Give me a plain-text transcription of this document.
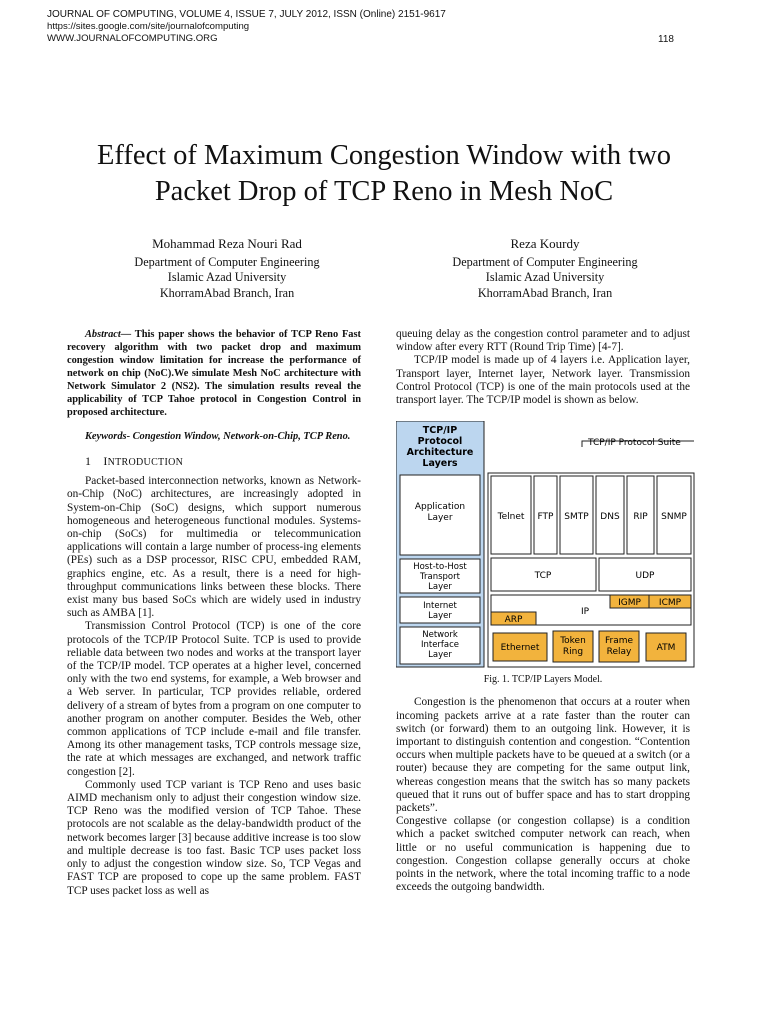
JOURNAL OF COMPUTING, VOLUME 4, ISSUE 7, JULY 2012, ISSN (Online) 2151-9617
https://sites.google.com/site/journalofcomputing
WWW.JOURNALOFCOMPUTING.ORG	118
Effect of Maximum Congestion Window with two
Packet Drop of TCP Reno in Mesh NoC
Mohammad Reza Nouri Rad
Department of Computer Engineering
Islamic Azad University
KhorramAbad Branch, Iran
Reza Kourdy
Department of Computer Engineering
Islamic Azad University
KhorramAbad Branch, Iran

Abstract— This paper shows the behavior of TCP Reno Fast recovery algorithm with two packet drop and maximum congestion window limitation for increase the performance of network on chip (NoC).We simulate Mesh NoC architecture with Network Simulator 2 (NS2). The simulation results reveal the applicability of TCP Tahoe protocol in Congestion Control in proposed architecture.

Keywords- Congestion Window, Network-on-Chip, TCP Reno.

1 INTRODUCTION

Packet-based interconnection networks, known as Network-on-Chip (NoC) architectures, are increasingly adopted in System-on-Chip (SoC) designs, which support numerous homogeneous and heterogeneous functional modules. Systems-on-chip (SoCs) for multimedia or telecommunication applications will contain a large number of process-ing elements (PEs) such as a DSP processor, RISC CPU, embedded RAM, graphics engine, etc. As a result, there is a need for high-throughput communications links between these blocks. There exist many bus based SoCs which are widely used in industry such as AMBA [1].

Transmission Control Protocol (TCP) is one of the core protocols of the TCP/IP Protocol Suite. TCP is used to provide reliable data between two nodes and works at the transport layer of the TCP/IP model. TCP operates at a higher level, concerned only with the two end systems, for example, a Web browser and a Web server. In particular, TCP provides reliable, ordered delivery of a stream of bytes from a program on one computer to another program on another computer. Besides the Web, other common applications of TCP include e-mail and file transfer. Among its other management tasks, TCP controls message size, the rate at which messages are exchanged, and network traffic congestion [2].

Commonly used TCP variant is TCP Reno and uses basic AIMD mechanism only to adjust their congestion window size. TCP Reno was the modified version of TCP Tahoe. These protocols are not scalable as the delay-bandwidth product of the network becomes larger [3] because additive increase is too slow and multiple decrease is too fast. Basic TCP uses packet loss only to adjust the congestion window size. So, TCP Vegas and FAST TCP are proposed to cope up the same problem. FAST TCP uses packet loss as well as

queuing delay as the congestion control parameter and to adjust window after every RTT (Round Trip Time) [4-7].

TCP/IP model is made up of 4 layers i.e. Application layer, Transport layer, Internet layer, Network layer. Transmission Control Protocol (TCP) is one of the main protocols used at the transport layer. The TCP/IP model is shown as below.

TCP/IP
Protocol
Architecture
Layers
Application
Layer
Host-to-Host
Transport
Layer
Internet
Layer
Network
Interface
Layer
TCP/IP Protocol Suite
Telnet FTP SMTP DNS RIP SNMP
TCP	UDP
IP
IGMP ICMP
ARP
Ethernet
Token
Ring
Frame
Relay	ATM
Fig. 1. TCP/IP Layers Model.

Congestion is the phenomenon that occurs at a router when incoming packets arrive at a rate faster than the router can switch (or forward) them to an outgoing link. However, it is important to distinguish contention and congestion. “Contention occurs when multiple packets have to be queued at a switch (or a router) because they are competing for the same output link, whereas congestion means that the switch has so many packets queued that it runs out of buffer space and has to start dropping packets”.

Congestive collapse (or congestion collapse) is a condition which a packet switched computer network can reach, when little or no useful communication is happening due to congestion. Congestion collapse generally occurs at choke points in the network, where the total incoming traffic to a node exceeds the outgoing bandwidth.
